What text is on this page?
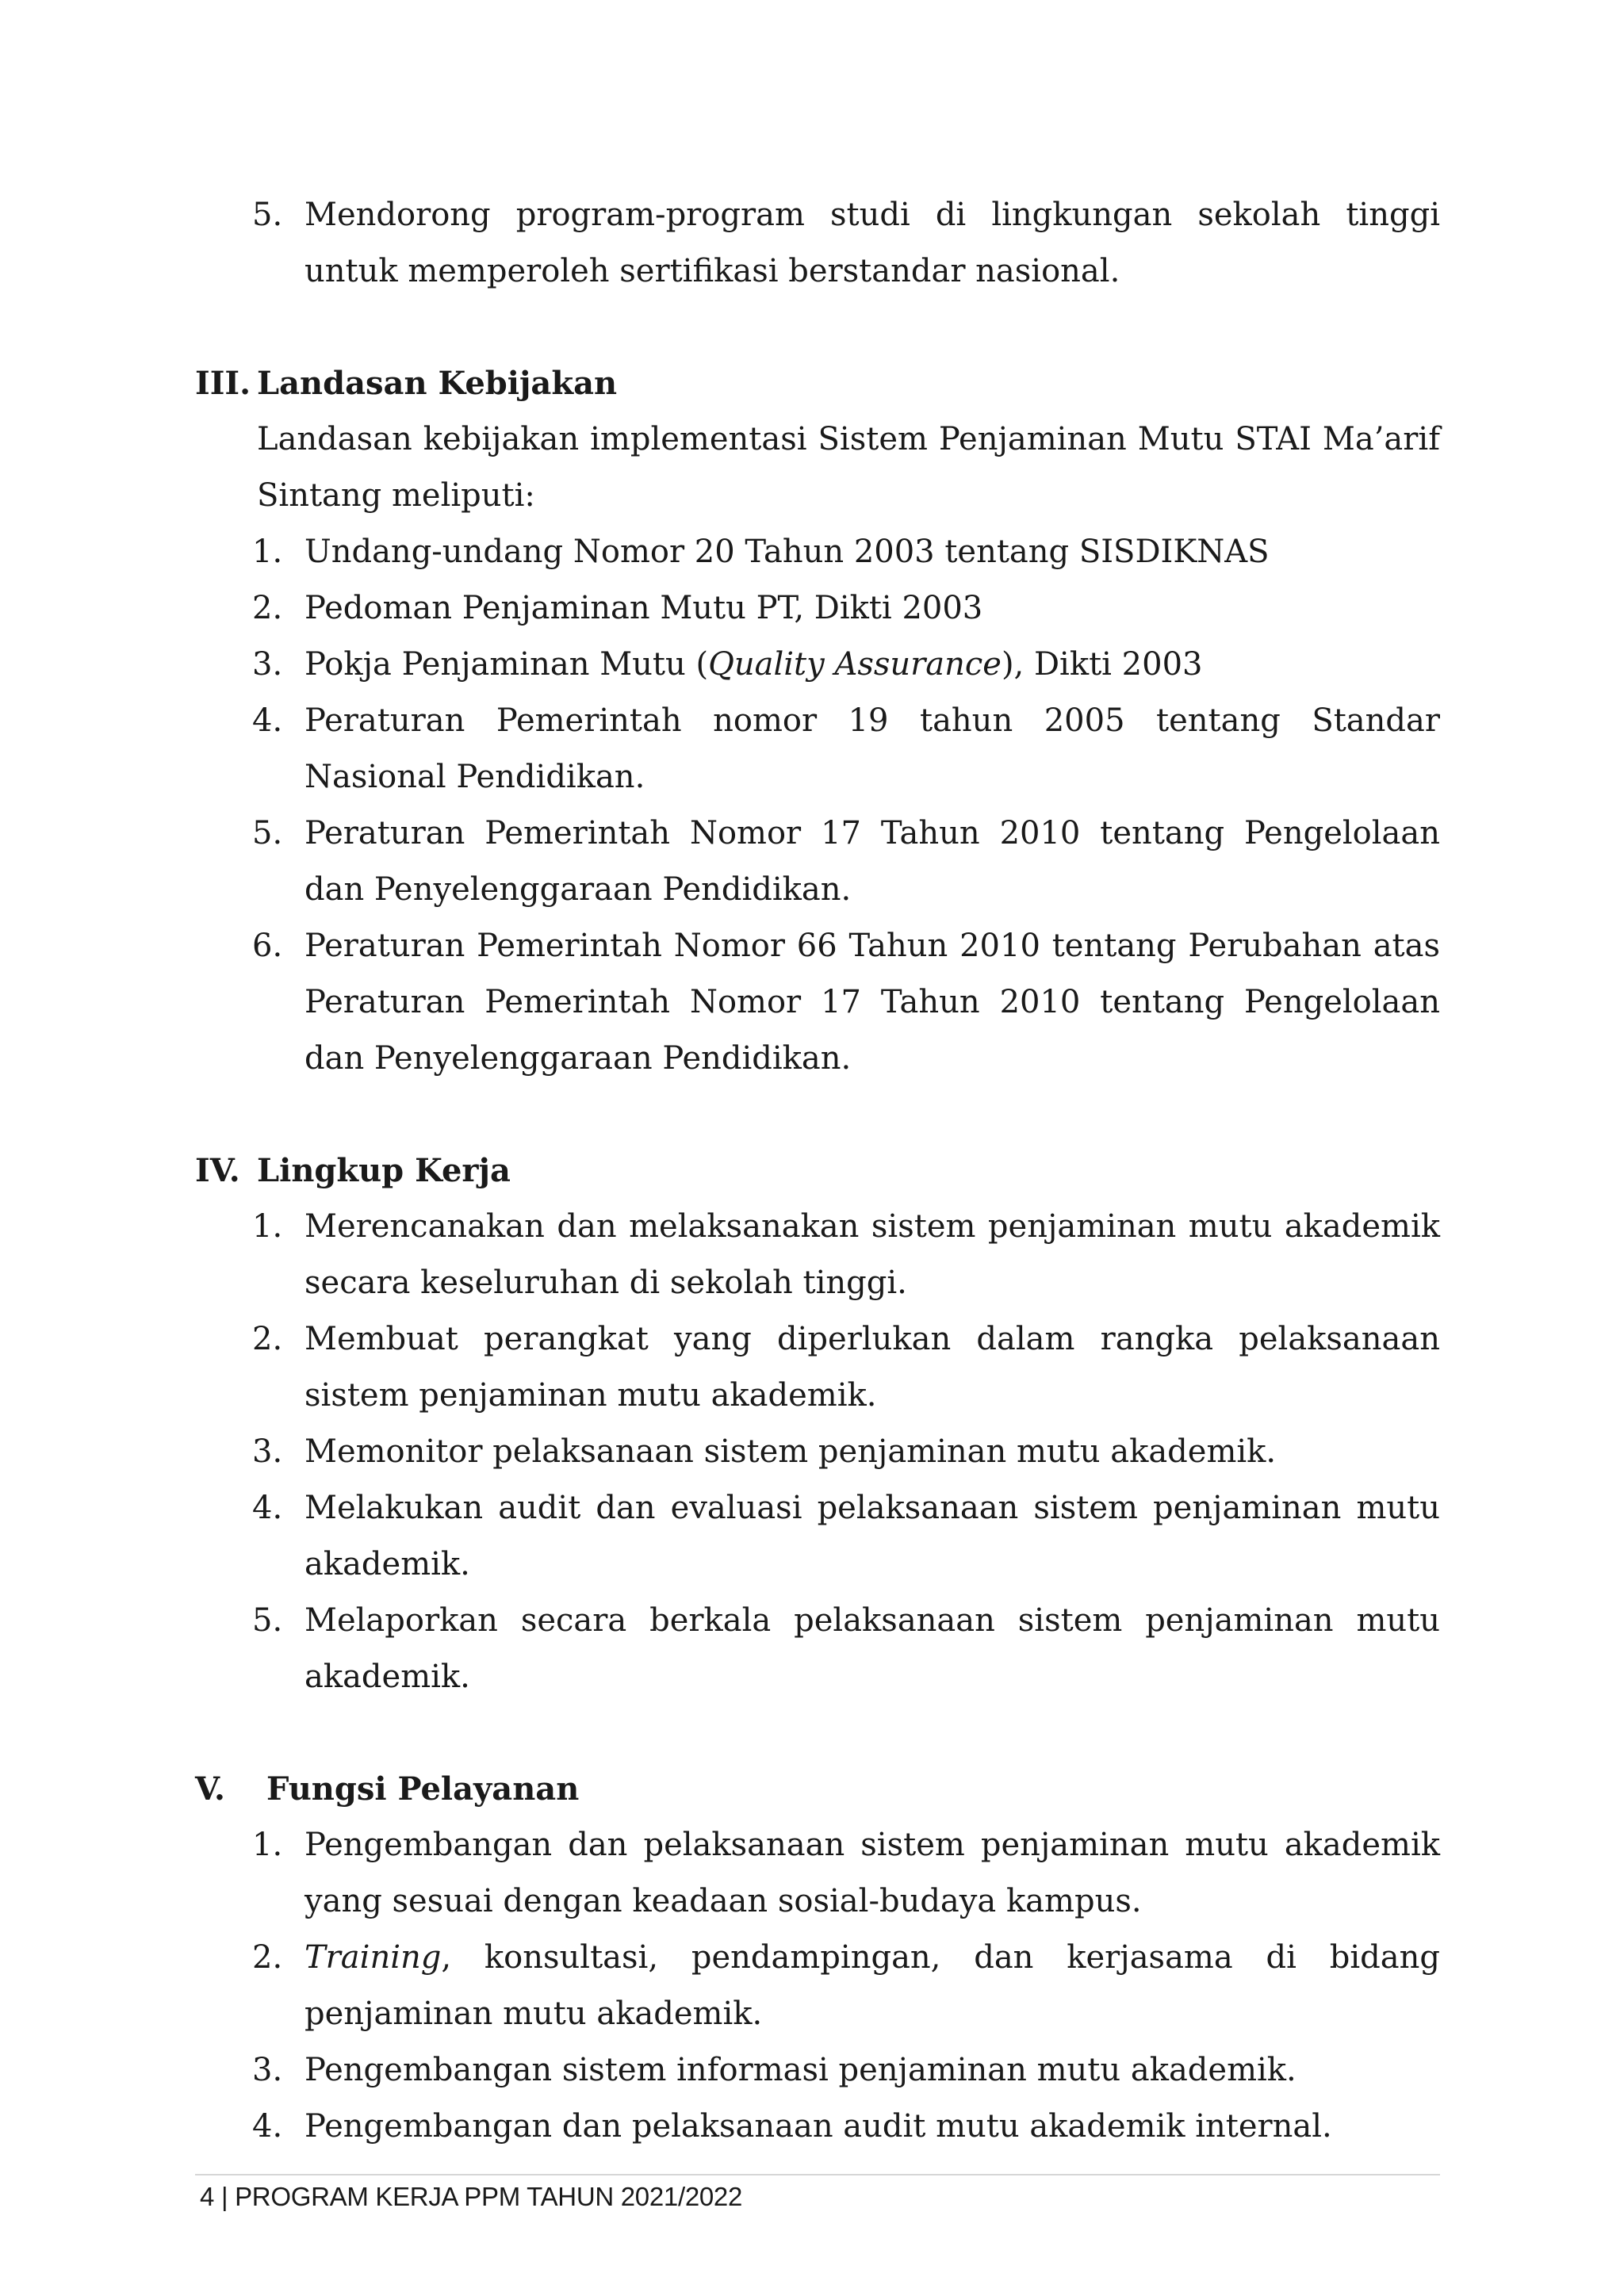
5. Mendorong program-program studi di lingkungan sekolah tinggi untuk memperoleh sertifikasi berstandar nasional.
III. Landasan Kebijakan
Landasan kebijakan implementasi Sistem Penjaminan Mutu STAI Ma’arif Sintang meliputi:
1. Undang-undang Nomor 20 Tahun 2003 tentang SISDIKNAS
2. Pedoman Penjaminan Mutu PT, Dikti 2003
3. Pokja Penjaminan Mutu (Quality Assurance), Dikti 2003
4. Peraturan Pemerintah nomor 19 tahun 2005 tentang Standar Nasional Pendidikan.
5. Peraturan Pemerintah Nomor 17 Tahun 2010 tentang Pengelolaan dan Penyelenggaraan Pendidikan.
6. Peraturan Pemerintah Nomor 66 Tahun 2010 tentang Perubahan atas Peraturan Pemerintah Nomor 17 Tahun 2010 tentang Pengelolaan dan Penyelenggaraan Pendidikan.
IV. Lingkup Kerja
1. Merencanakan dan melaksanakan sistem penjaminan mutu akademik secara keseluruhan di sekolah tinggi.
2. Membuat perangkat yang diperlukan dalam rangka pelaksanaan sistem penjaminan mutu akademik.
3. Memonitor pelaksanaan sistem penjaminan mutu akademik.
4. Melakukan audit dan evaluasi pelaksanaan sistem penjaminan mutu akademik.
5. Melaporkan secara berkala pelaksanaan sistem penjaminan mutu akademik.
V.	Fungsi Pelayanan
1. Pengembangan dan pelaksanaan sistem penjaminan mutu akademik yang sesuai dengan keadaan sosial-budaya kampus.
2. Training, konsultasi, pendampingan, dan kerjasama di bidang penjaminan mutu akademik.
3. Pengembangan sistem informasi penjaminan mutu akademik.
4. Pengembangan dan pelaksanaan audit mutu akademik internal.
4 | PROGRAM KERJA PPM TAHUN 2021/2022
